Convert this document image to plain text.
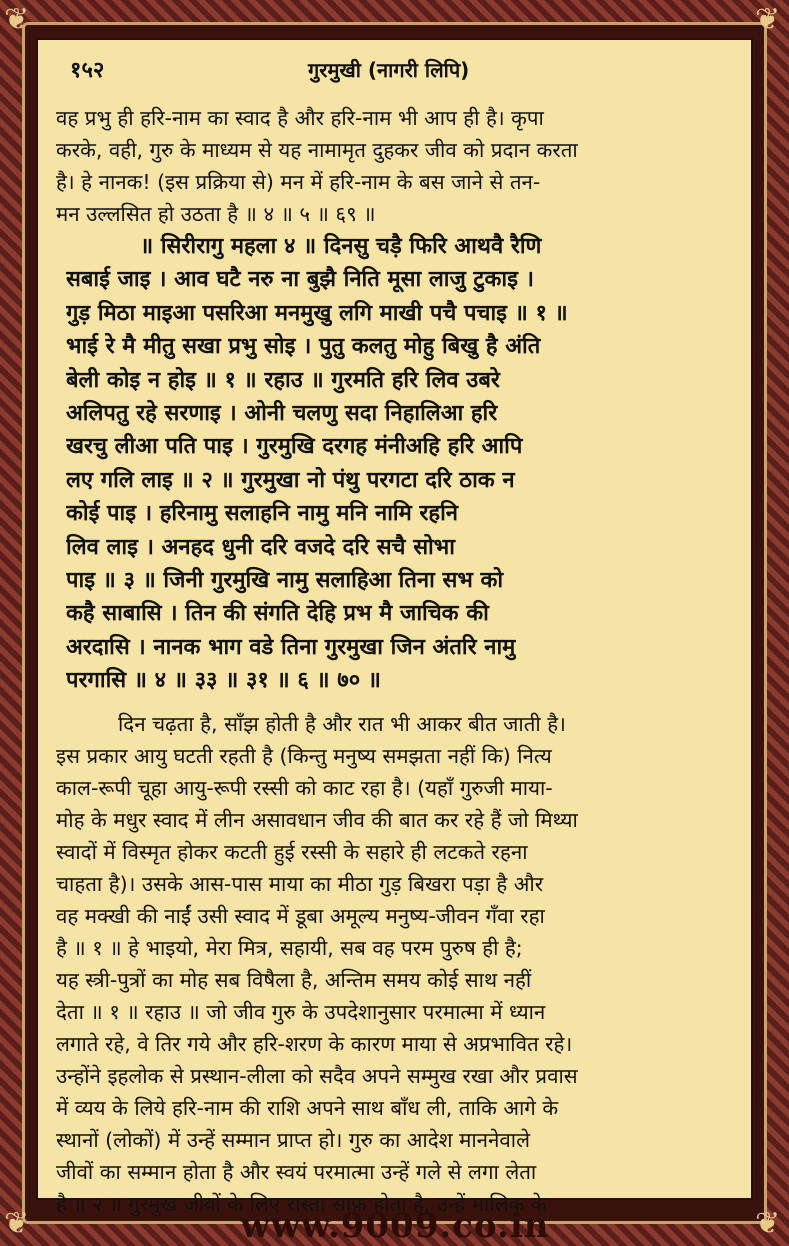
❦	❦
❦	❦
१५२	गुरमुखी (नागरी लिपि)
वह प्रभु ही हरि-नाम का स्वाद है और हरि-नाम भी आप ही है। कृपा
करके, वही, गुरु के माध्यम से यह नामामृत दुहकर जीव को प्रदान करता
है। हे नानक! (इस प्रक्रिया से) मन में हरि-नाम के बस जाने से तन-
मन उल्लसित हो उठता है ॥ ४ ॥ ५ ॥ ६९ ॥
॥ सिरीरागु महला ४ ॥ दिनसु चड़ै फिरि आथवै रैणि
सबाई जाइ । आव घटै नरु ना बुझै निति मूसा लाजु टुकाइ ।
गुड़ मिठा माइआ पसरिआ मनमुखु लगि माखी पचै पचाइ ॥ १ ॥
भाई रे मै मीतु सखा प्रभु सोइ । पुतु कलतु मोहु बिखु है अंति
बेली कोइ न होइ ॥ १ ॥ रहाउ ॥ गुरमति हरि लिव उबरे
अलिपतु रहे सरणाइ । ओनी चलणु सदा निहालिआ हरि
खरचु लीआ पति पाइ । गुरमुखि दरगह मंनीअहि हरि आपि
लए गलि लाइ ॥ २ ॥ गुरमुखा नो पंथु परगटा दरि ठाक न
कोई पाइ । हरिनामु सलाहनि नामु मनि नामि रहनि
लिव लाइ । अनहद धुनी दरि वजदे दरि सचै सोभा
पाइ ॥ ३ ॥ जिनी गुरमुखि नामु सलाहिआ तिना सभ को
कहै साबासि । तिन की संगति देहि प्रभ मै जाचिक की
अरदासि । नानक भाग वडे तिना गुरमुखा जिन अंतरि नामु
परगासि ॥ ४ ॥ ३३ ॥ ३१ ॥ ६ ॥ ७० ॥
दिन चढ़ता है, साँझ होती है और रात भी आकर बीत जाती है।
इस प्रकार आयु घटती रहती है (किन्तु मनुष्य समझता नहीं कि) नित्य
काल-रूपी चूहा आयु-रूपी रस्सी को काट रहा है। (यहाँ गुरुजी माया-
मोह के मधुर स्वाद में लीन असावधान जीव की बात कर रहे हैं जो मिथ्या
स्वादों में विस्मृत होकर कटती हुई रस्सी के सहारे ही लटकते रहना
चाहता है)। उसके आस-पास माया का मीठा गुड़ बिखरा पड़ा है और
वह मक्खी की नाईं उसी स्वाद में डूबा अमूल्य मनुष्य-जीवन गँवा रहा
है ॥ १ ॥ हे भाइयो, मेरा मित्र, सहायी, सब वह परम पुरुष ही है;
यह स्त्री-पुत्रों का मोह सब विषैला है, अन्तिम समय कोई साथ नहीं
देता ॥ १ ॥ रहाउ ॥ जो जीव गुरु के उपदेशानुसार परमात्मा में ध्यान
लगाते रहे, वे तिर गये और हरि-शरण के कारण माया से अप्रभावित रहे।
उन्होंने इहलोक से प्रस्थान-लीला को सदैव अपने सम्मुख रखा और प्रवास
में व्यय के लिये हरि-नाम की राशि अपने साथ बाँध ली, ताकि आगे के
स्थानों (लोकों) में उन्हें सम्मान प्राप्त हो। गुरु का आदेश माननेवाले
जीवों का सम्मान होता है और स्वयं परमात्मा उन्हें गले से लगा लेता
है ॥ २ ॥ गुरमुख जीवों के लिए रास्ता साफ़ होता है, उन्हें मालिक के
www.9009.co.in
